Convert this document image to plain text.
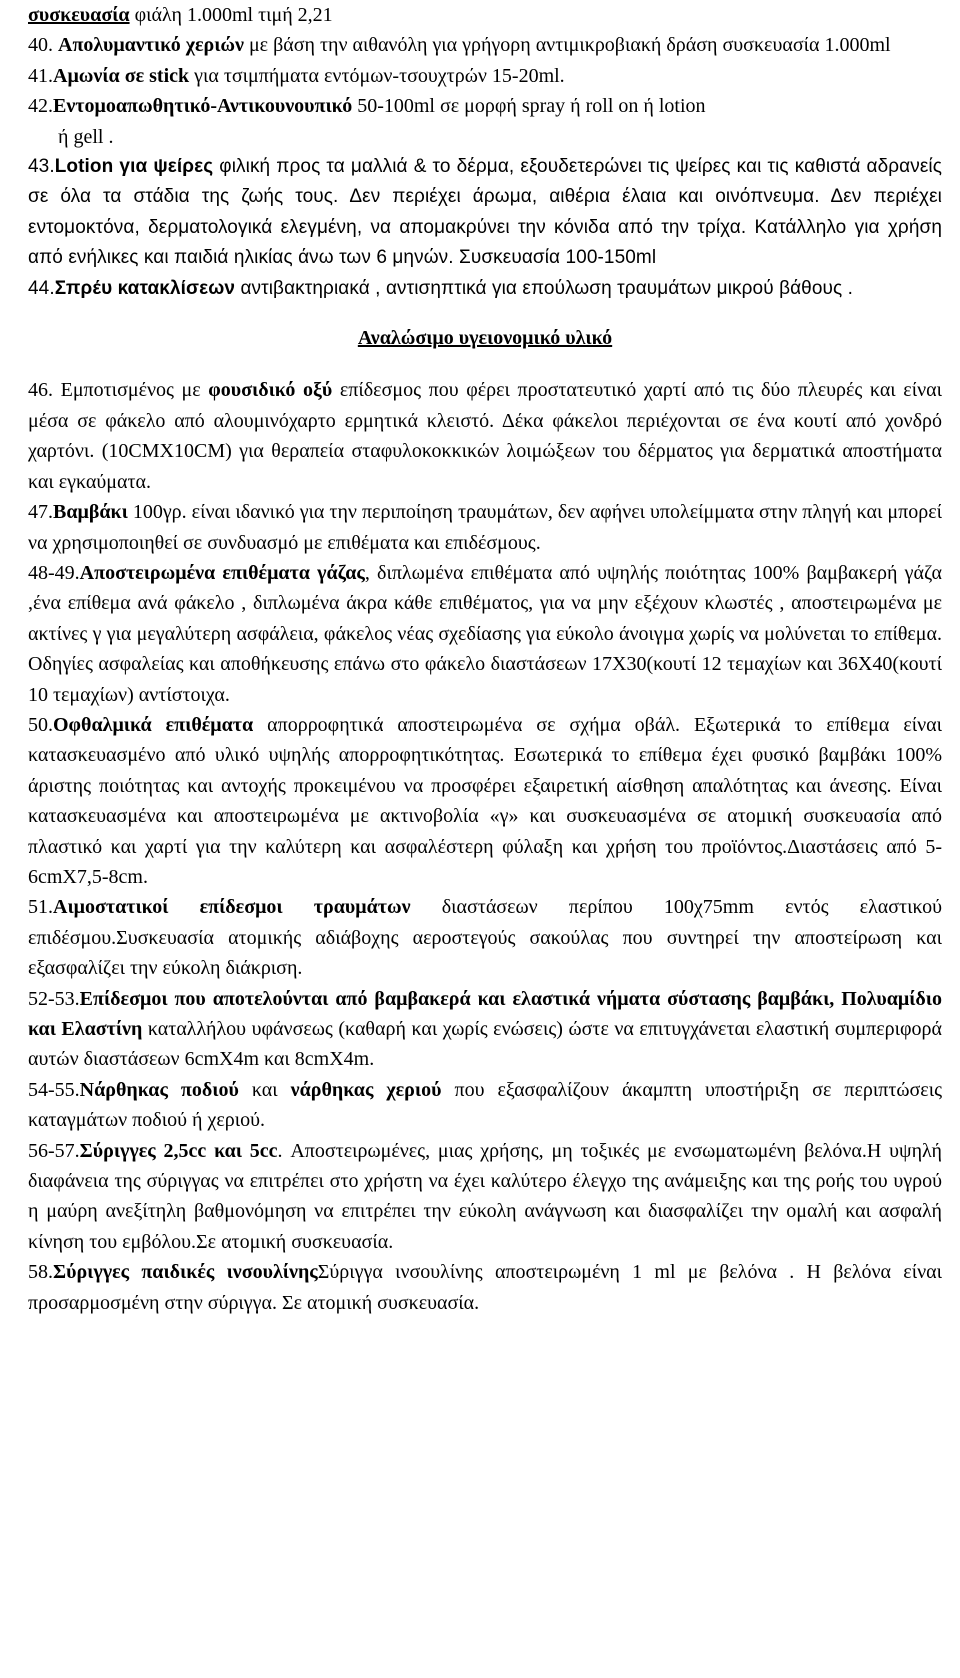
συσκευασία φιάλη 1.000ml τιμή 2,21

40. Απολυμαντικό χεριών με βάση την αιθανόλη για γρήγορη αντιμικροβιακή δράση συσκευασία 1.000ml

41.Αμωνία σε stick για τσιμπήματα εντόμων-τσουχτρών 15-20ml.

42.Εντομοαπωθητικό-Αντικουνουπικό 50-100ml σε μορφή spray ή roll on ή lotion

ή gell .

43.Lotion για ψείρες φιλική προς τα μαλλιά & το δέρμα, εξουδετερώνει τις ψείρες και τις καθιστά αδρανείς σε όλα τα στάδια της ζωής τους. Δεν περιέχει άρωμα, αιθέρια έλαια και οινόπνευμα. Δεν περιέχει εντομοκτόνα, δερματολογικά ελεγμένη, να απομακρύνει την κόνιδα από την τρίχα. Κατάλληλο για χρήση από ενήλικες και παιδιά ηλικίας άνω των 6 μηνών. Συσκευασία 100-150ml

44.Σπρέυ κατακλίσεων αντιβακτηριακά , αντισηπτικά για επούλωση τραυμάτων μικρού βάθους .

Αναλώσιμο υγειονομικό υλικό

46. Εμποτισμένος με φουσιδικό οξύ επίδεσμος που φέρει προστατευτικό χαρτί από τις δύο πλευρές και είναι μέσα σε φάκελο από αλουμινόχαρτο ερμητικά κλειστό. Δέκα φάκελοι περιέχονται σε ένα κουτί από χονδρό χαρτόνι. (10CMX10CM) για θεραπεία σταφυλοκοκκικών λοιμώξεων του δέρματος για δερματικά αποστήματα και εγκαύματα.

47.Βαμβάκι 100γρ. είναι ιδανικό για την περιποίηση τραυμάτων, δεν αφήνει υπολείμματα στην πληγή και μπορεί να χρησιμοποιηθεί σε συνδυασμό με επιθέματα και επιδέσμους.

48-49.Αποστειρωμένα επιθέματα γάζας, διπλωμένα επιθέματα από υψηλής ποιότητας 100% βαμβακερή γάζα ,ένα επίθεμα ανά φάκελο , διπλωμένα άκρα κάθε επιθέματος, για να μην εξέχουν κλωστές , αποστειρωμένα με ακτίνες γ για μεγαλύτερη ασφάλεια, φάκελος νέας σχεδίασης για εύκολο άνοιγμα χωρίς να μολύνεται το επίθεμα. Οδηγίες ασφαλείας και αποθήκευσης επάνω στο φάκελο διαστάσεων 17Χ30(κουτί 12 τεμαχίων και 36Χ40(κουτί 10 τεμαχίων) αντίστοιχα.

50.Οφθαλμικά επιθέματα απορροφητικά αποστειρωμένα σε σχήμα οβάλ. Εξωτερικά το επίθεμα είναι κατασκευασμένο από υλικό υψηλής απορροφητικότητας. Εσωτερικά το επίθεμα έχει φυσικό βαμβάκι 100% άριστης ποιότητας και αντοχής προκειμένου να προσφέρει εξαιρετική αίσθηση απαλότητας και άνεσης. Είναι κατασκευασμένα και αποστειρωμένα με ακτινοβολία «γ» και συσκευασμένα σε ατομική συσκευασία από πλαστικό και χαρτί για την καλύτερη και ασφαλέστερη φύλαξη και χρήση του προϊόντος.Διαστάσεις από 5-6cmX7,5-8cm.

51.Αιμοστατικοί επίδεσμοι τραυμάτων διαστάσεων περίπου 100χ75mm εντός ελαστικού επιδέσμου.Συσκευασία ατομικής αδιάβοχης αεροστεγούς σακούλας που συντηρεί την αποστείρωση και εξασφαλίζει την εύκολη διάκριση.

52-53.Επίδεσμοι που αποτελούνται από βαμβακερά και ελαστικά νήματα σύστασης βαμβάκι, Πολυαμίδιο και Ελαστίνη καταλλήλου υφάνσεως (καθαρή και χωρίς ενώσεις) ώστε να επιτυγχάνεται ελαστική συμπεριφορά αυτών διαστάσεων 6cmX4m και 8cmX4m.

54-55.Νάρθηκας ποδιού και νάρθηκας χεριού που εξασφαλίζουν άκαμπτη υποστήριξη σε περιπτώσεις καταγμάτων ποδιού ή χεριού.

56-57.Σύριγγες 2,5cc και 5cc. Αποστειρωμένες, μιας χρήσης, μη τοξικές με ενσωματωμένη βελόνα.Η υψηλή διαφάνεια της σύριγγας να επιτρέπει στο χρήστη να έχει καλύτερο έλεγχο της ανάμειξης και της ροής του υγρού η μαύρη ανεξίτηλη βαθμονόμηση να επιτρέπει την εύκολη ανάγνωση και διασφαλίζει την ομαλή και ασφαλή κίνηση του εμβόλου.Σε ατομική συσκευασία.

58.Σύριγγες παιδικές ινσουλίνηςΣύριγγα ινσουλίνης αποστειρωμένη 1 ml με βελόνα . Η βελόνα είναι προσαρμοσμένη στην σύριγγα. Σε ατομική συσκευασία.
